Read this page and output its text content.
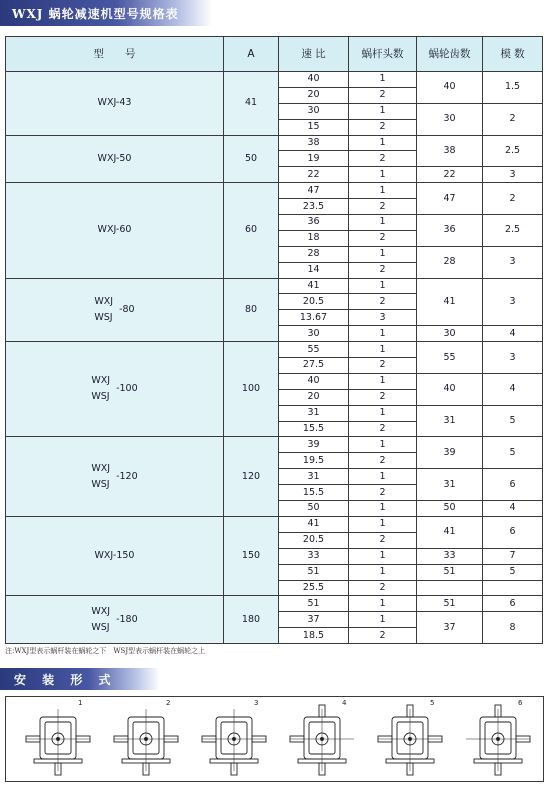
WXJ 蜗轮减速机型号规格表
型　　号	A	速 比	蜗杆头数	蜗轮齿数	模 数
WXJ-43	41	40	1	40	1.5
		20	2		
		30	1	30	2
		15	2		
WXJ-50	50	38	1	38	2.5
		19	2		
		22	1	22	3
WXJ-60	60	47	1	47	2
		23.5	2		
		36	1	36	2.5
		18	2		
		28	1	28	3
		14	2		

WXJ
WSJ
-80	80	41	1	41	3
		20.5	2		
		13.67	3		
		30	1	30	4

WXJ
WSJ
-100	100	55	1	55	3
		27.5	2		
		40	1	40	4
		20	2		
		31	1	31	5
		15.5	2		

WXJ
WSJ
-120	120	39	1	39	5
		19.5	2		
		31	1	31	6
		15.5	2		
		50	1	50	4
WXJ-150	150	41	1	41	6
		20.5	2		
		33	1	33	7
		51	1	51	5
		25.5	2		

WXJ
WSJ
-180	180	51	1	51	6
		37	1	37	8
		18.5	2		
注:WXJ型表示蜗杆装在蜗轮之下　WSJ型表示蜗杆装在蜗轮之上
安 装 形 式
1	2	3	4	5	6
